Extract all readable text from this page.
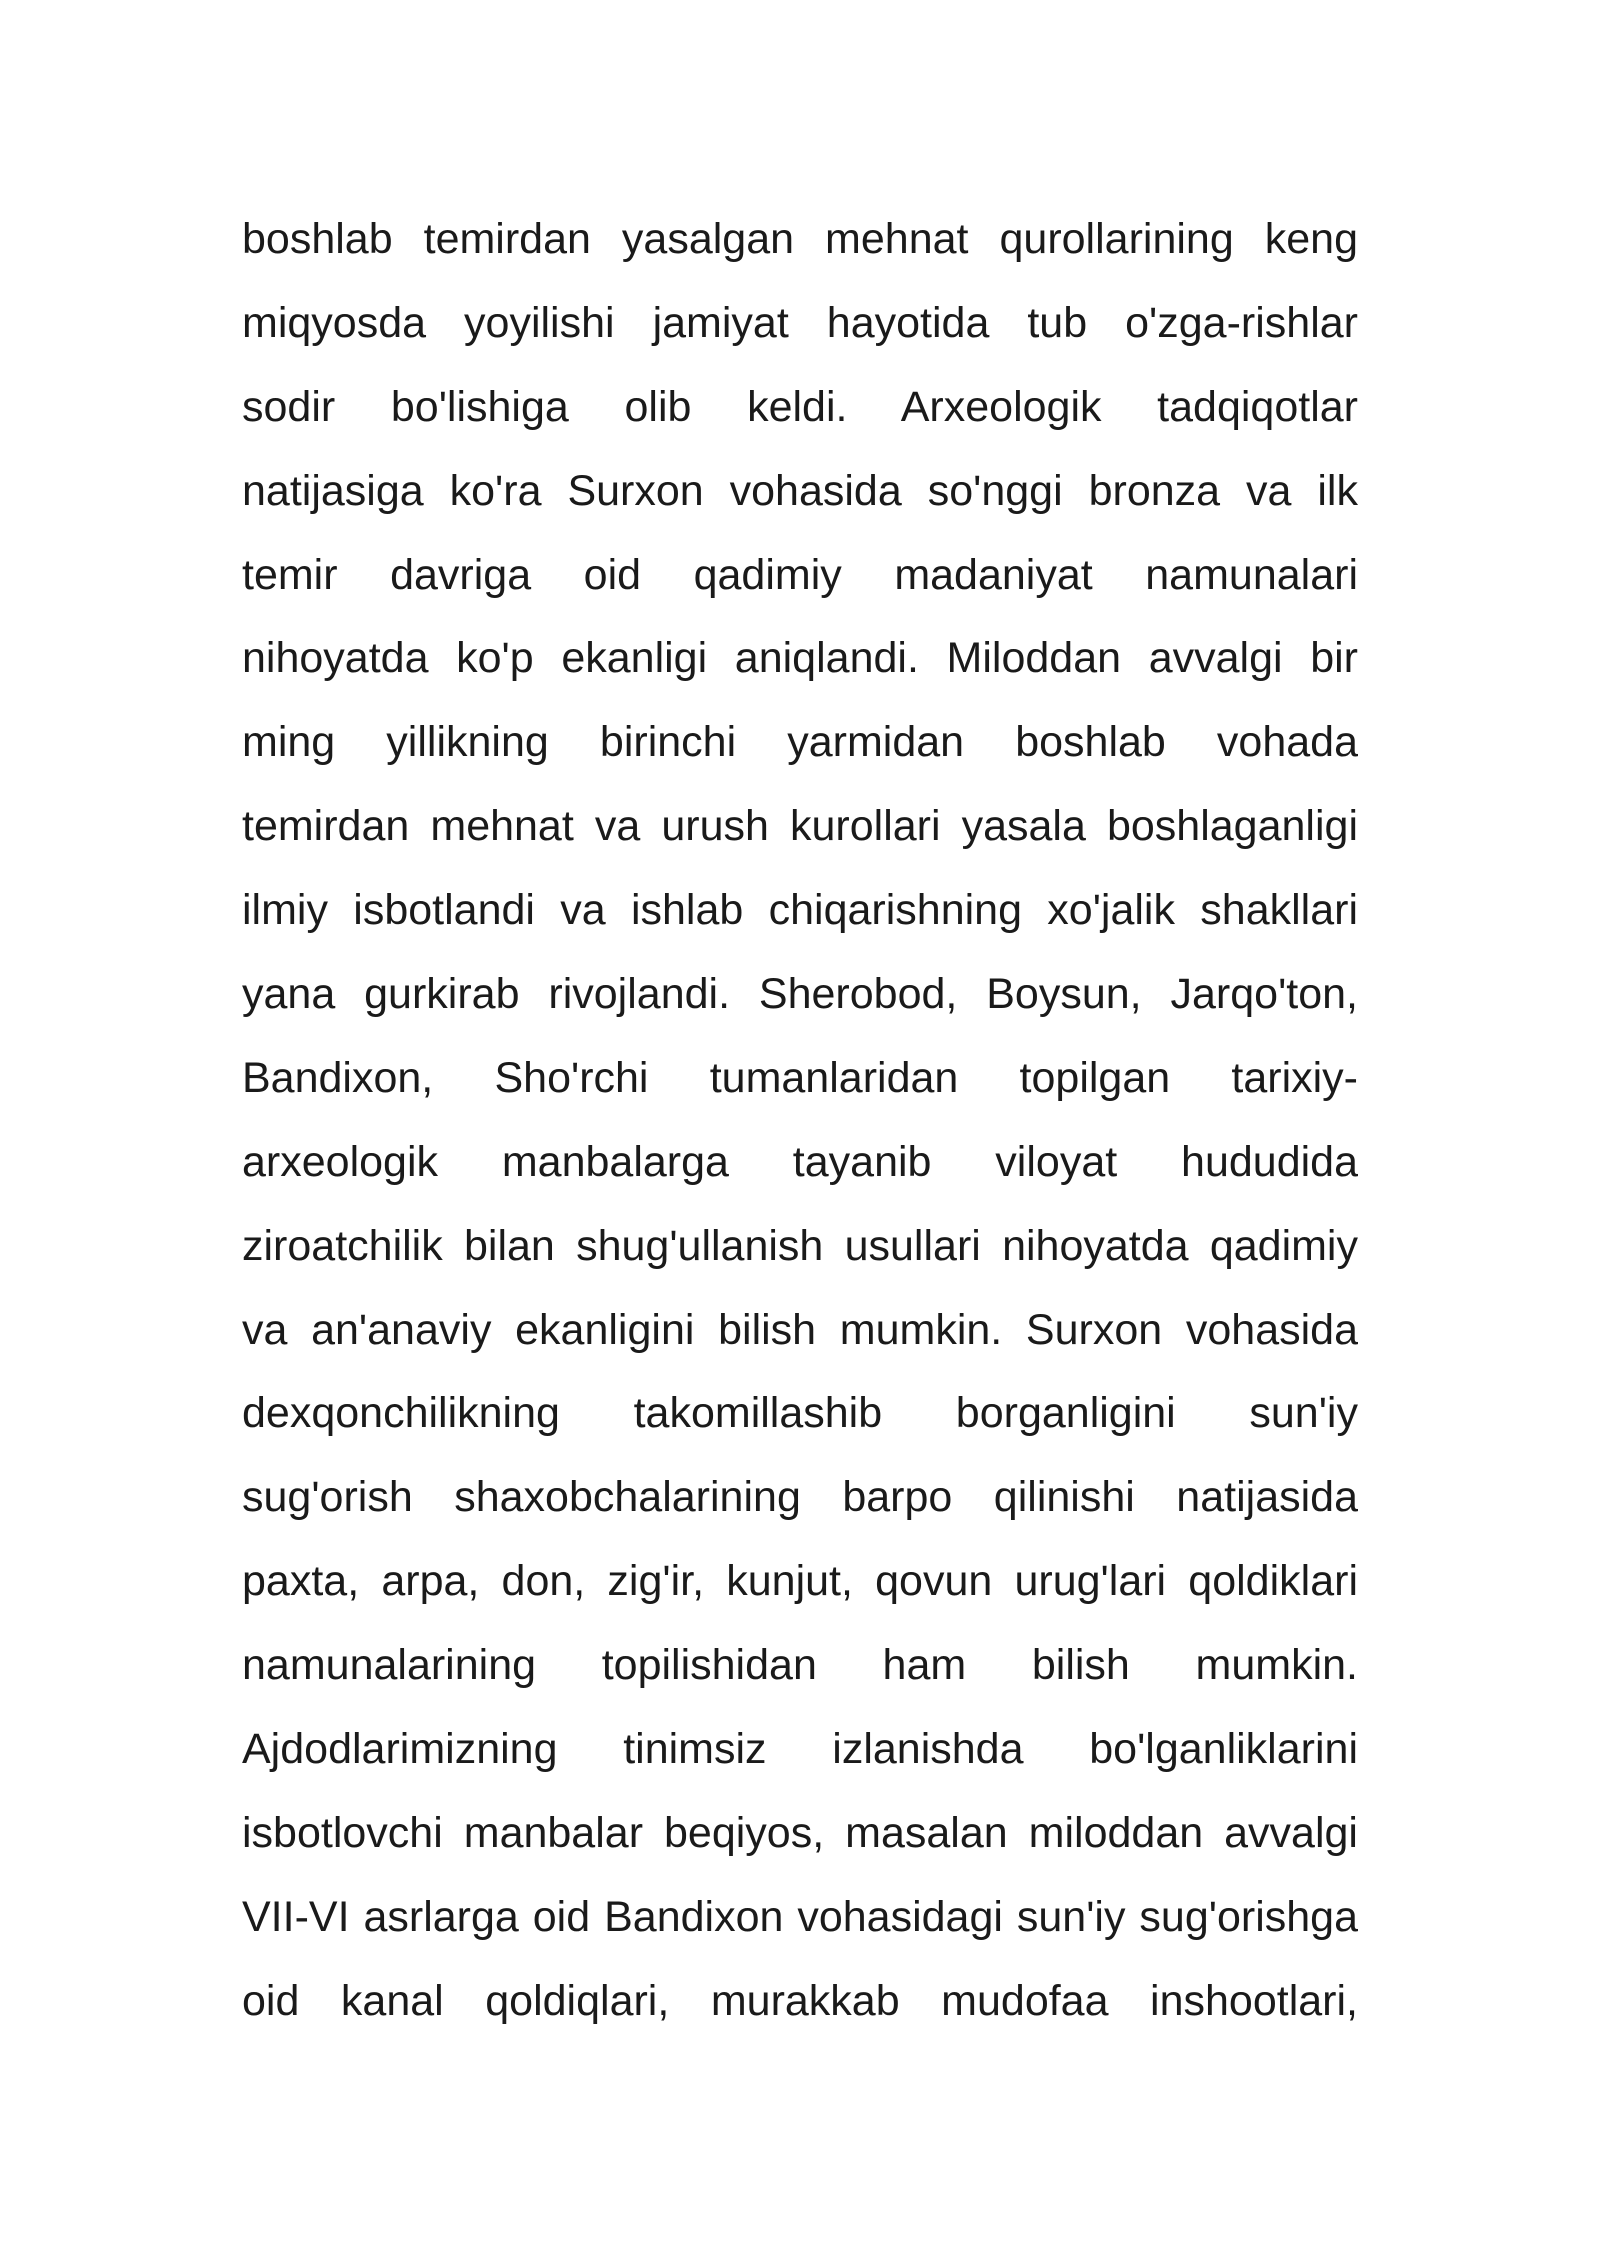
boshlab temirdan yasalgan mehnat qurollarining keng
miqyosda yoyilishi jamiyat hayotida tub o'zga-rishlar
sodir bo'lishiga olib keldi. Arxeologik tadqiqotlar
natijasiga ko'ra Surxon vohasida so'nggi bronza va ilk
temir davriga oid qadimiy madaniyat namunalari
nihoyatda ko'p ekanligi aniqlandi. Miloddan avvalgi bir
ming yillikning birinchi yarmidan boshlab vohada
temirdan mehnat va urush kurollari yasala boshlaganligi
ilmiy isbotlandi va ishlab chiqarishning xo'jalik shakllari
yana gurkirab rivojlandi. Sherobod, Boysun, Jarqo'ton,
Bandixon, Sho'rchi tumanlaridan topilgan tarixiy-
arxeologik manbalarga tayanib viloyat hududida
ziroatchilik bilan shug'ullanish usullari nihoyatda qadimiy
va an'anaviy ekanligini bilish mumkin. Surxon vohasida
dexqonchilikning takomillashib borganligini sun'iy
sug'orish shaxobchalarining barpo qilinishi natijasida
paxta, arpa, don, zig'ir, kunjut, qovun urug'lari qoldiklari
namunalarining topilishidan ham bilish mumkin.
Ajdodlarimizning tinimsiz izlanishda bo'lganliklarini
isbotlovchi manbalar beqiyos, masalan miloddan avvalgi
VII-VI asrlarga oid Bandixon vohasidagi sun'iy sug'orishga
oid kanal qoldiqlari, murakkab mudofaa inshootlari,
